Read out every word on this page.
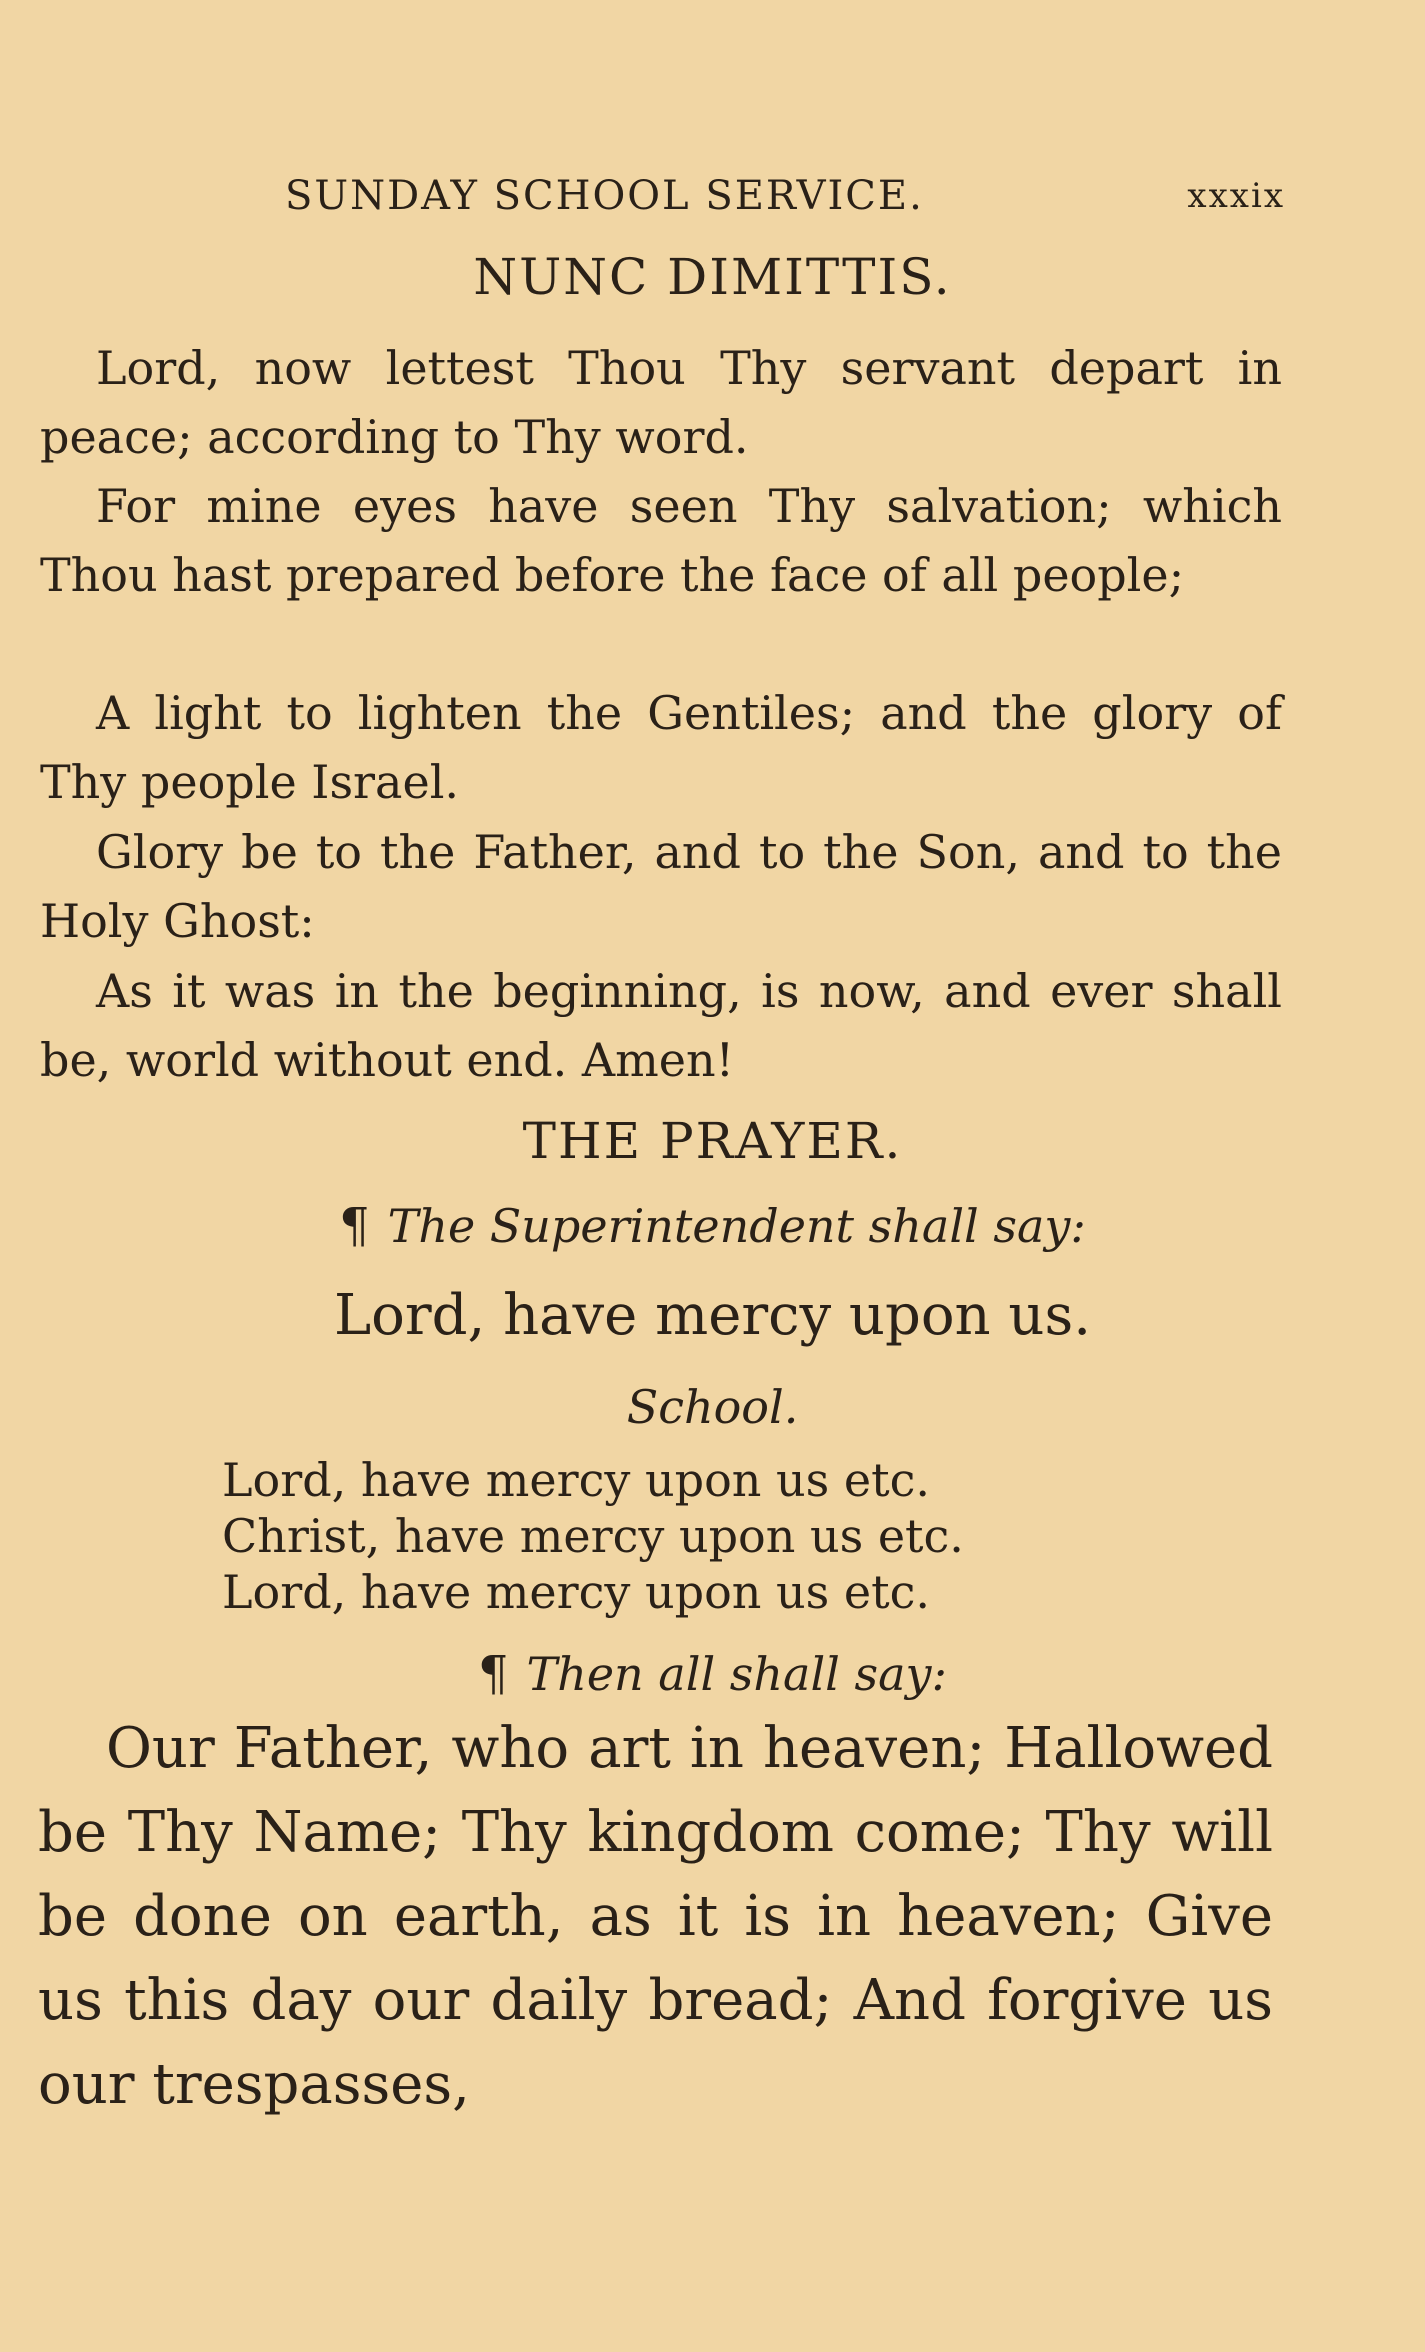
SUNDAY SCHOOL SERVICE.	xxxix
NUNC DIMITTIS.

Lord, now lettest Thou Thy servant depart in peace; according to Thy word.

For mine eyes have seen Thy salvation; which Thou hast prepared before the face of all people;

A light to lighten the Gentiles; and the glory of Thy people Israel.

Glory be to the Father, and to the Son, and to the Holy Ghost:

As it was in the beginning, is now, and ever shall be, world without end. Amen!

THE PRAYER.
¶ The Superintendent shall say:
Lord, have mercy upon us.
School.
Lord, have mercy upon us etc.
Christ, have mercy upon us etc.
Lord, have mercy upon us etc.
¶ Then all shall say:

Our Father, who art in heaven; Hallowed be Thy Name; Thy kingdom come; Thy will be done on earth, as it is in heaven; Give us this day our daily bread; And forgive us our trespasses,
